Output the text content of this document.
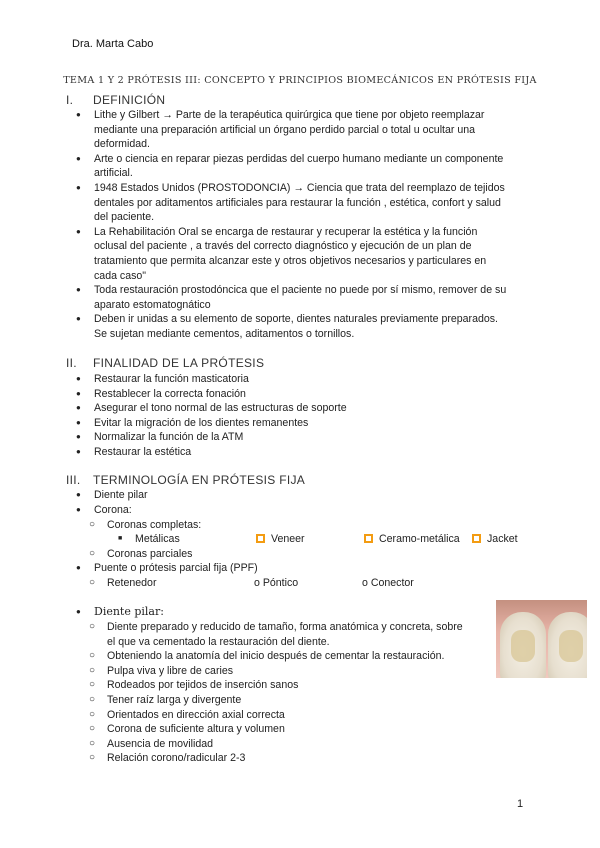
Dra. Marta Cabo
TEMA 1 Y 2 PRÓTESIS III: CONCEPTO Y PRINCIPIOS BIOMECÁNICOS EN PRÓTESIS FIJA
I. DEFINICIÓN
● Lithe y Gilbert → Parte de la terapéutica quirúrgica que tiene por objeto reemplazar
mediante una preparación artificial un órgano perdido parcial o total u ocultar una
deformidad.
● Arte o ciencia en reparar piezas perdidas del cuerpo humano mediante un componente
artificial.
● 1948 Estados Unidos (PROSTODONCIA) → Ciencia que trata del reemplazo de tejidos
dentales por aditamentos artificiales para restaurar la función , estética, confort y salud
del paciente.
● La Rehabilitación Oral se encarga de restaurar y recuperar la estética y la función
oclusal del paciente , a través del correcto diagnóstico y ejecución de un plan de
tratamiento que permita alcanzar este y otros objetivos necesarios y particulares en
cada caso"
● Toda restauración prostodóncica que el paciente no puede por sí mismo, remover de su
aparato estomatognático
● Deben ir unidas a su elemento de soporte, dientes naturales previamente preparados.
Se sujetan mediante cementos, aditamentos o tornillos.
II. FINALIDAD DE LA PRÓTESIS
● Restaurar la función masticatoria
● Restablecer la correcta fonación
● Asegurar el tono normal de las estructuras de soporte
● Evitar la migración de los dientes remanentes
● Normalizar la función de la ATM
● Restaurar la estética
III. TERMINOLOGÍA EN PRÓTESIS FIJA
● Diente pilar
● Corona:
○ Coronas completas:
■ Metálicas	Veneer	Ceramo-metálica	Jacket
○ Coronas parciales
● Puente o prótesis parcial fija (PPF)
○ Retenedor	o Póntico	o Conector
● Diente pilar:
○ Diente preparado y reducido de tamaño, forma anatómica y concreta, sobre
el que va cementado la restauración del diente.
○ Obteniendo la anatomía del inicio después de cementar la restauración.
○ Pulpa viva y libre de caries
○ Rodeados por tejidos de inserción sanos
○ Tener raíz larga y divergente
○ Orientados en dirección axial correcta
○ Corona de suficiente altura y volumen
○ Ausencia de movilidad
○ Relación corono/radicular 2-3
1
